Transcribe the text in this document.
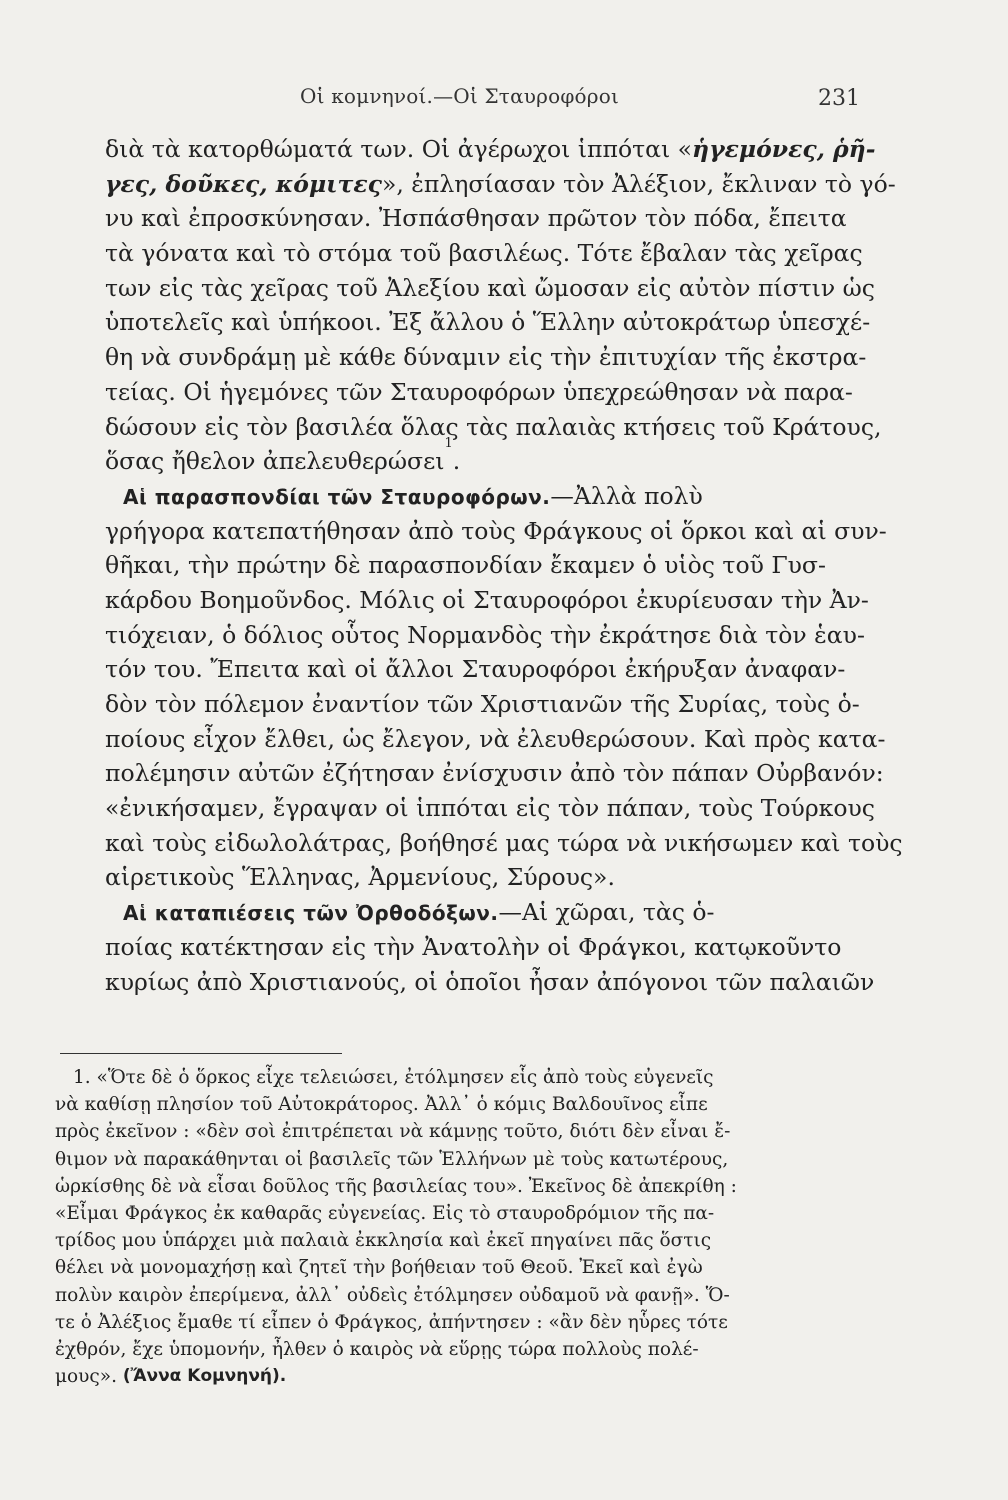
Οἱ κομνηνοί.—Οἱ Σταυροφόροι	231
διὰ τὰ κατορθώματά των. Οἱ ἀγέρωχοι ἱππόται «ἡγεμόνες, ῥῆ-
γες, δοῦκες, κόμιτες», ἐπλησίασαν τὸν Ἀλέξιον, ἔκλιναν τὸ γό-
νυ καὶ ἐπροσκύνησαν. Ἠσπάσθησαν πρῶτον τὸν πόδα, ἔπειτα
τὰ γόνατα καὶ τὸ στόμα τοῦ βασιλέως. Τότε ἔβαλαν τὰς χεῖρας
των εἰς τὰς χεῖρας τοῦ Ἀλεξίου καὶ ὤμοσαν εἰς αὐτὸν πίστιν ὡς
ὑποτελεῖς καὶ ὑπήκοοι. Ἐξ ἄλλου ὁ Ἕλλην αὐτοκράτωρ ὑπεσχέ-
θη νὰ συνδράμῃ μὲ κάθε δύναμιν εἰς τὴν ἐπιτυχίαν τῆς ἐκστρα-
τείας. Οἱ ἡγεμόνες τῶν Σταυροφόρων ὑπεχρεώθησαν νὰ παρα-
δώσουν εἰς τὸν βασιλέα ὅλας τὰς παλαιὰς κτήσεις τοῦ Κράτους,
ὅσας ἤθελον ἀπελευθερώσει
1
.
Αἱ παρασπονδίαι τῶν Σταυροφόρων.—Ἀλλὰ πολὺ
γρήγορα κατεπατήθησαν ἀπὸ τοὺς Φράγκους οἱ ὅρκοι καὶ αἱ συν-
θῆκαι, τὴν πρώτην δὲ παρασπονδίαν ἔκαμεν ὁ υἱὸς τοῦ Γυσ-
κάρδου Βοημοῦνδος. Μόλις οἱ Σταυροφόροι ἐκυρίευσαν τὴν Ἀν-
τιόχειαν, ὁ δόλιος οὗτος Νορμανδὸς τὴν ἐκράτησε διὰ τὸν ἑαυ-
τόν του. Ἔπειτα καὶ οἱ ἄλλοι Σταυροφόροι ἐκήρυξαν ἀναφαν-
δὸν τὸν πόλεμον ἐναντίον τῶν Χριστιανῶν τῆς Συρίας, τοὺς ὁ-
ποίους εἶχον ἔλθει, ὡς ἔλεγον, νὰ ἐλευθερώσουν. Καὶ πρὸς κατα-
πολέμησιν αὐτῶν ἐζήτησαν ἐνίσχυσιν ἀπὸ τὸν πάπαν Οὐρβανόν:
«ἐνικήσαμεν, ἔγραψαν οἱ ἱππόται εἰς τὸν πάπαν, τοὺς Τούρκους
καὶ τοὺς εἰδωλολάτρας, βοήθησέ μας τώρα νὰ νικήσωμεν καὶ τοὺς
αἱρετικοὺς Ἕλληνας, Ἀρμενίους, Σύρους».
Αἱ καταπιέσεις τῶν Ὀρθοδόξων.—Αἱ χῶραι, τὰς ὁ-
ποίας κατέκτησαν εἰς τὴν Ἀνατολὴν οἱ Φράγκοι, κατῳκοῦντο
κυρίως ἀπὸ Χριστιανούς, οἱ ὁποῖοι ἦσαν ἀπόγονοι τῶν παλαιῶν
1. «Ὅτε δὲ ὁ ὅρκος εἶχε τελειώσει, ἐτόλμησεν εἷς ἀπὸ τοὺς εὐγενεῖς
νὰ καθίσῃ πλησίον τοῦ Αὐτοκράτορος. Ἀλλ᾽ ὁ κόμις Βαλδουῖνος εἶπε
πρὸς ἐκεῖνον : «δὲν σοὶ ἐπιτρέπεται νὰ κάμνῃς τοῦτο, διότι δὲν εἶναι ἔ-
θιμον νὰ παρακάθηνται οἱ βασιλεῖς τῶν Ἑλλήνων μὲ τοὺς κατωτέρους,
ὡρκίσθης δὲ νὰ εἶσαι δοῦλος τῆς βασιλείας του». Ἐκεῖνος δὲ ἀπεκρίθη :
«Εἶμαι Φράγκος ἐκ καθαρᾶς εὐγενείας. Εἰς τὸ σταυροδρόμιον τῆς πα-
τρίδος μου ὑπάρχει μιὰ παλαιὰ ἐκκλησία καὶ ἐκεῖ πηγαίνει πᾶς ὅστις
θέλει νὰ μονομαχήσῃ καὶ ζητεῖ τὴν βοήθειαν τοῦ Θεοῦ. Ἐκεῖ καὶ ἐγὼ
πολὺν καιρὸν ἐπερίμενα, ἀλλ᾽ οὐδεὶς ἐτόλμησεν οὐδαμοῦ νὰ φανῇ». Ὅ-
τε ὁ Ἀλέξιος ἔμαθε τί εἶπεν ὁ Φράγκος, ἀπήντησεν : «ἂν δὲν ηὗρες τότε
ἐχθρόν, ἔχε ὑπομονήν, ἦλθεν ὁ καιρὸς νὰ εὕρῃς τώρα πολλοὺς πολέ-
μους».
(Ἄννα Κομνηνή).
